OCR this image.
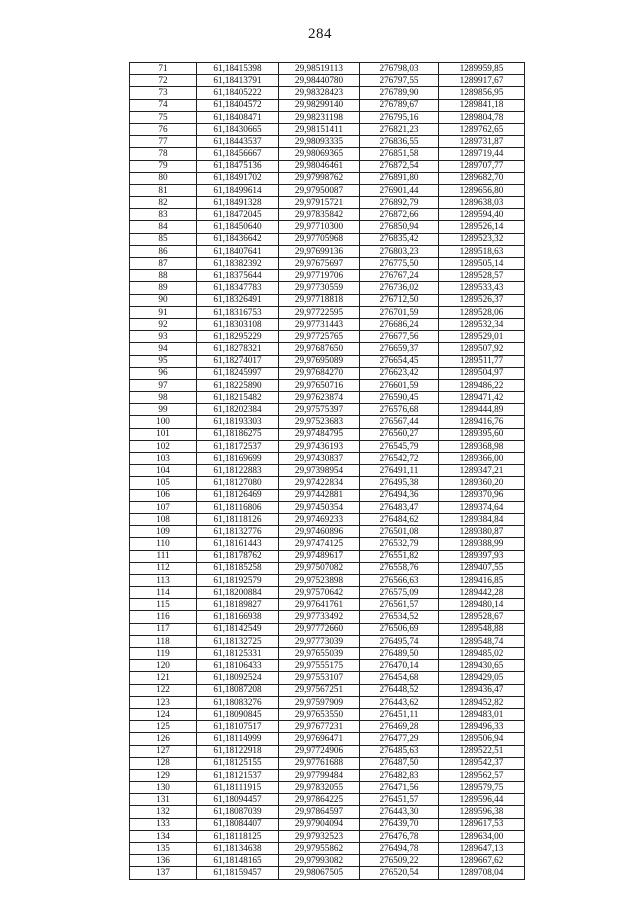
284
71	61,18415398	29,98519113	276798,03	1289959,85
72	61,18413791	29,98440780	276797,55	1289917,67
73	61,18405222	29,98328423	276789,90	1289856,95
74	61,18404572	29,98299140	276789,67	1289841,18
75	61,18408471	29,98231198	276795,16	1289804,78
76	61,18430665	29,98151411	276821,23	1289762,65
77	61,18443537	29,98093335	276836,55	1289731,87
78	61,18456667	29,98069365	276851,58	1289719,44
79	61,18475136	29,98046461	276872,54	1289707,77
80	61,18491702	29,97998762	276891,80	1289682,70
81	61,18499614	29,97950087	276901,44	1289656,80
82	61,18491328	29,97915721	276892,79	1289638,03
83	61,18472045	29,97835842	276872,66	1289594,40
84	61,18450640	29,97710300	276850,94	1289526,14
85	61,18436642	29,97705968	276835,42	1289523,32
86	61,18407641	29,97699136	276803,23	1289518,63
87	61,18382392	29,97675697	276775,50	1289505,14
88	61,18375644	29,97719706	276767,24	1289528,57
89	61,18347783	29,97730559	276736,02	1289533,43
90	61,18326491	29,97718818	276712,50	1289526,37
91	61,18316753	29,97722595	276701,59	1289528,06
92	61,18303108	29,97731443	276686,24	1289532,34
93	61,18295229	29,97725765	276677,56	1289529,01
94	61,18278321	29,97687650	276659,37	1289507,92
95	61,18274017	29,97695089	276654,45	1289511,77
96	61,18245997	29,97684270	276623,42	1289504,97
97	61,18225890	29,97650716	276601,59	1289486,22
98	61,18215482	29,97623874	276590,45	1289471,42
99	61,18202384	29,97575397	276576,68	1289444,89
100	61,18193303	29,97523683	276567,44	1289416,76
101	61,18186275	29,97484795	276560,27	1289395,60
102	61,18172537	29,97436193	276545,79	1289368,98
103	61,18169699	29,97430837	276542,72	1289366,00
104	61,18122883	29,97398954	276491,11	1289347,21
105	61,18127080	29,97422834	276495,38	1289360,20
106	61,18126469	29,97442881	276494,36	1289370,96
107	61,18116806	29,97450354	276483,47	1289374,64
108	61,18118126	29,97469233	276484,62	1289384,84
109	61,18132776	29,97460896	276501,08	1289380,87
110	61,18161443	29,97474125	276532,79	1289388,99
111	61,18178762	29,97489617	276551,82	1289397,93
112	61,18185258	29,97507082	276558,76	1289407,55
113	61,18192579	29,97523898	276566,63	1289416,85
114	61,18200884	29,97570642	276575,09	1289442,28
115	61,18189827	29,97641761	276561,57	1289480,14
116	61,18166938	29,97733492	276534,52	1289528,67
117	61,18142549	29,97772660	276506,69	1289548,88
118	61,18132725	29,97773039	276495,74	1289548,74
119	61,18125331	29,97655039	276489,50	1289485,02
120	61,18106433	29,97555175	276470,14	1289430,65
121	61,18092524	29,97553107	276454,68	1289429,05
122	61,18087208	29,97567251	276448,52	1289436,47
123	61,18083276	29,97597909	276443,62	1289452,82
124	61,18090845	29,97653550	276451,11	1289483,01
125	61,18107517	29,97677231	276469,28	1289496,33
126	61,18114999	29,97696471	276477,29	1289506,94
127	61,18122918	29,97724906	276485,63	1289522,51
128	61,18125155	29,97761688	276487,50	1289542,37
129	61,18121537	29,97799484	276482,83	1289562,57
130	61,18111915	29,97832055	276471,56	1289579,75
131	61,18094457	29,97864225	276451,57	1289596,44
132	61,18087039	29,97864597	276443,30	1289596,38
133	61,18084407	29,97904094	276439,70	1289617,53
134	61,18118125	29,97932523	276476,78	1289634,00
135	61,18134638	29,97955862	276494,78	1289647,13
136	61,18148165	29,97993082	276509,22	1289667,62
137	61,18159457	29,98067505	276520,54	1289708,04
